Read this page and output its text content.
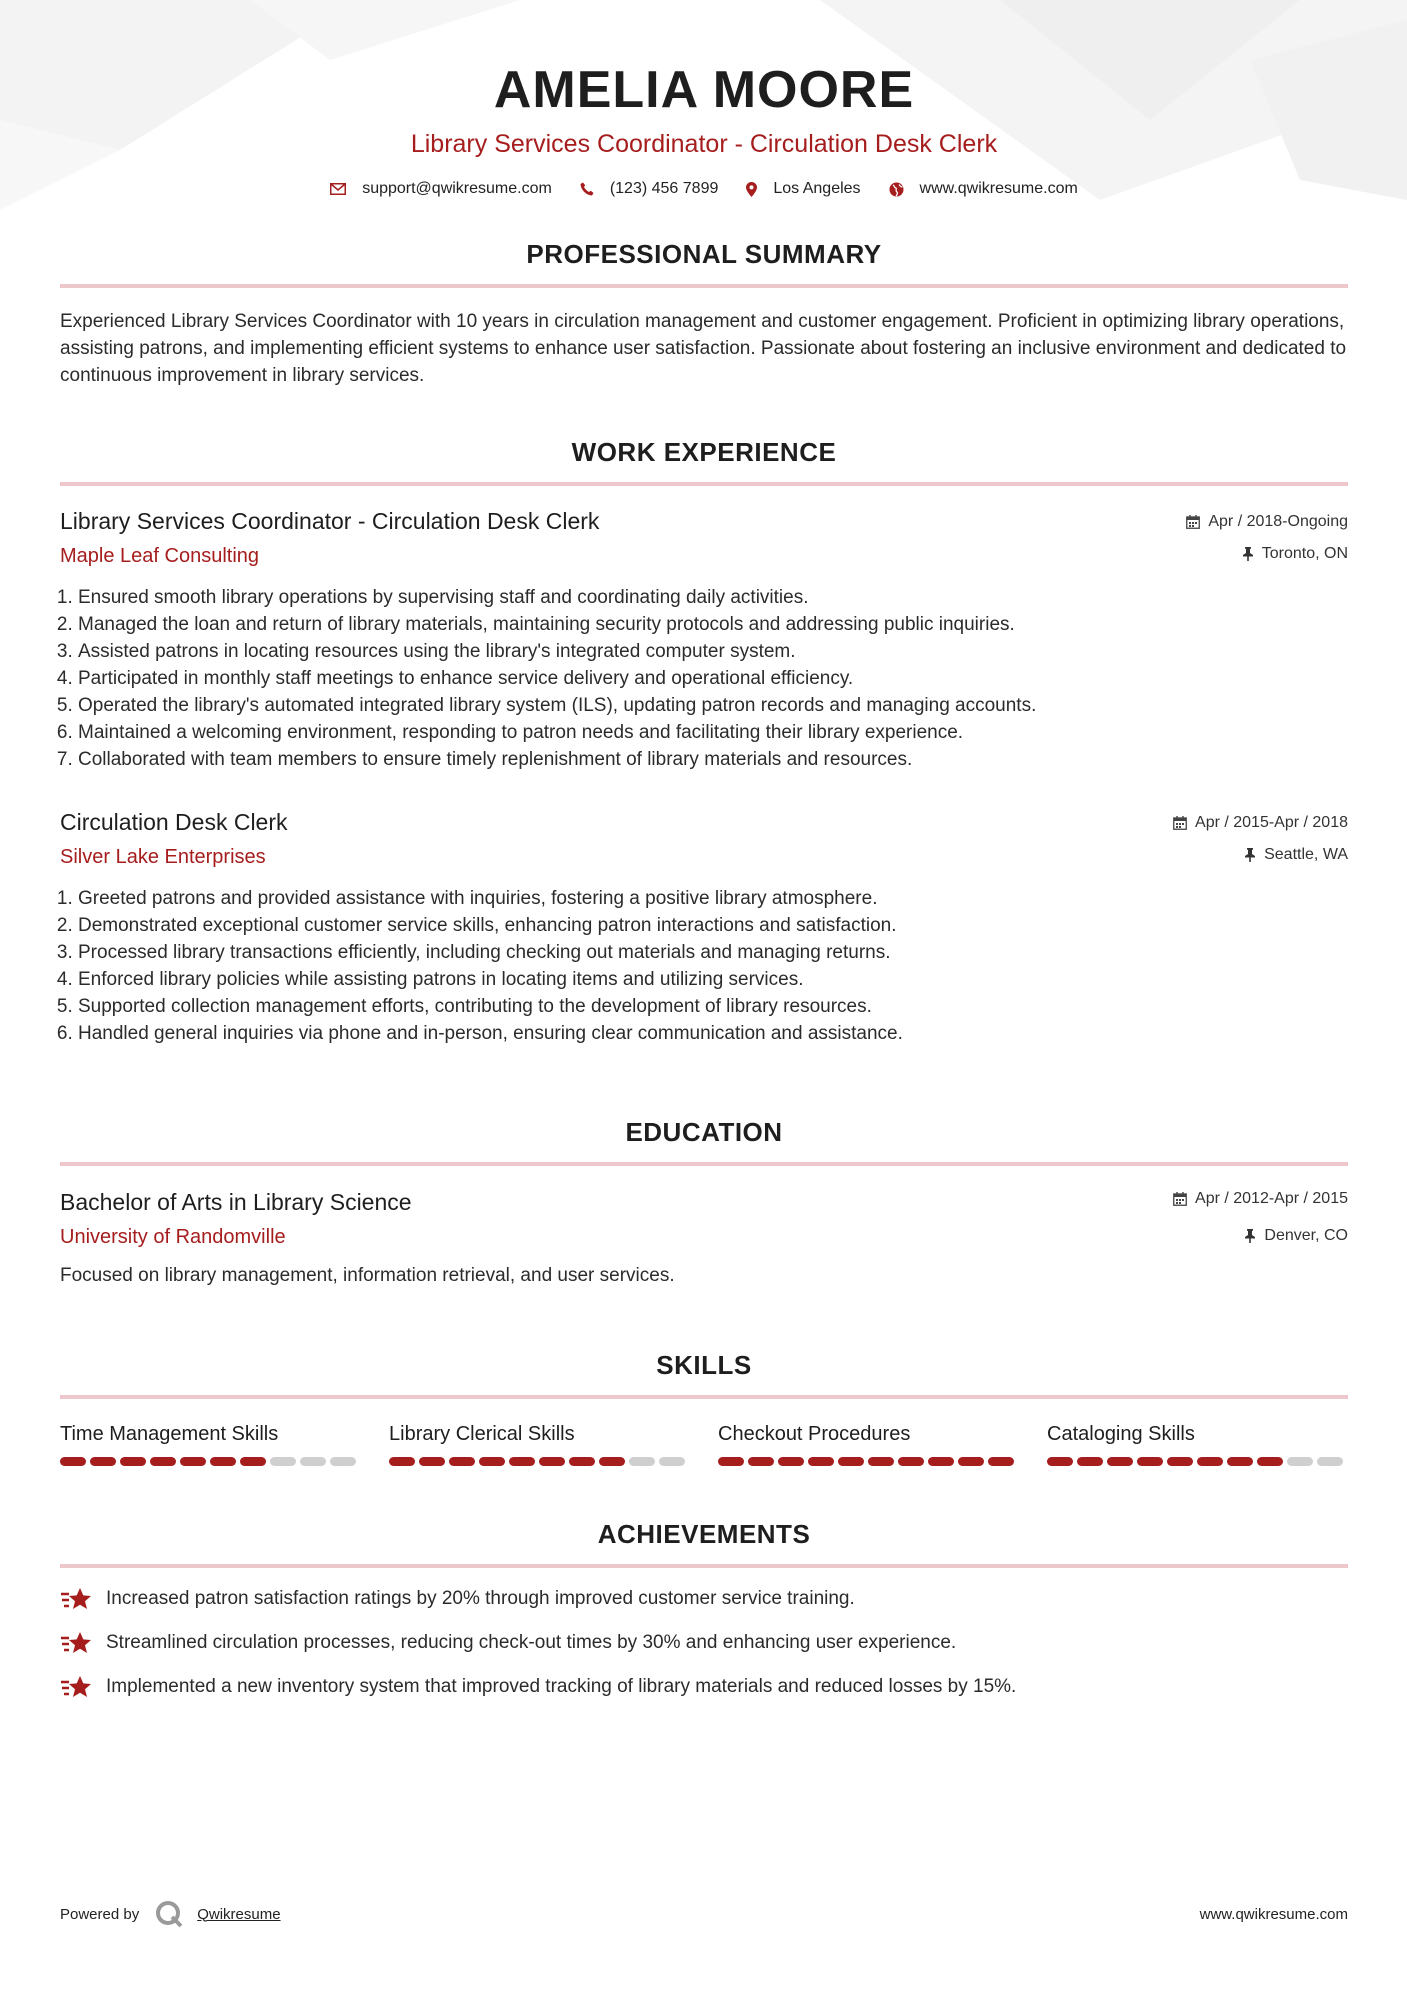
AMELIA MOORE
Library Services Coordinator - Circulation Desk Clerk
support@qwikresume.com	(123) 456 7899	Los Angeles	www.qwikresume.com
PROFESSIONAL SUMMARY
Experienced Library Services Coordinator with 10 years in circulation management and customer engagement. Proficient in optimizing library operations, assisting patrons, and implementing efficient systems to enhance user satisfaction. Passionate about fostering an inclusive environment and dedicated to continuous improvement in library services.
WORK EXPERIENCE
Library Services Coordinator - Circulation Desk Clerk
Maple Leaf Consulting
Apr / 2018-Ongoing
Toronto, ON
1. Ensured smooth library operations by supervising staff and coordinating daily activities.
2. Managed the loan and return of library materials, maintaining security protocols and addressing public inquiries.
3. Assisted patrons in locating resources using the library's integrated computer system.
4. Participated in monthly staff meetings to enhance service delivery and operational efficiency.
5. Operated the library's automated integrated library system (ILS), updating patron records and managing accounts.
6. Maintained a welcoming environment, responding to patron needs and facilitating their library experience.
7. Collaborated with team members to ensure timely replenishment of library materials and resources.
Circulation Desk Clerk
Silver Lake Enterprises
Apr / 2015-Apr / 2018
Seattle, WA
1. Greeted patrons and provided assistance with inquiries, fostering a positive library atmosphere.
2. Demonstrated exceptional customer service skills, enhancing patron interactions and satisfaction.
3. Processed library transactions efficiently, including checking out materials and managing returns.
4. Enforced library policies while assisting patrons in locating items and utilizing services.
5. Supported collection management efforts, contributing to the development of library resources.
6. Handled general inquiries via phone and in-person, ensuring clear communication and assistance.
EDUCATION
Bachelor of Arts in Library Science
University of Randomville
Apr / 2012-Apr / 2015
Denver, CO
Focused on library management, information retrieval, and user services.
SKILLS
Time Management Skills	Library Clerical Skills	Checkout Procedures	Cataloging Skills
ACHIEVEMENTS
Increased patron satisfaction ratings by 20% through improved customer service training.
Streamlined circulation processes, reducing check-out times by 30% and enhancing user experience.
Implemented a new inventory system that improved tracking of library materials and reduced losses by 15%.
Powered by	Qwikresume	www.qwikresume.com
